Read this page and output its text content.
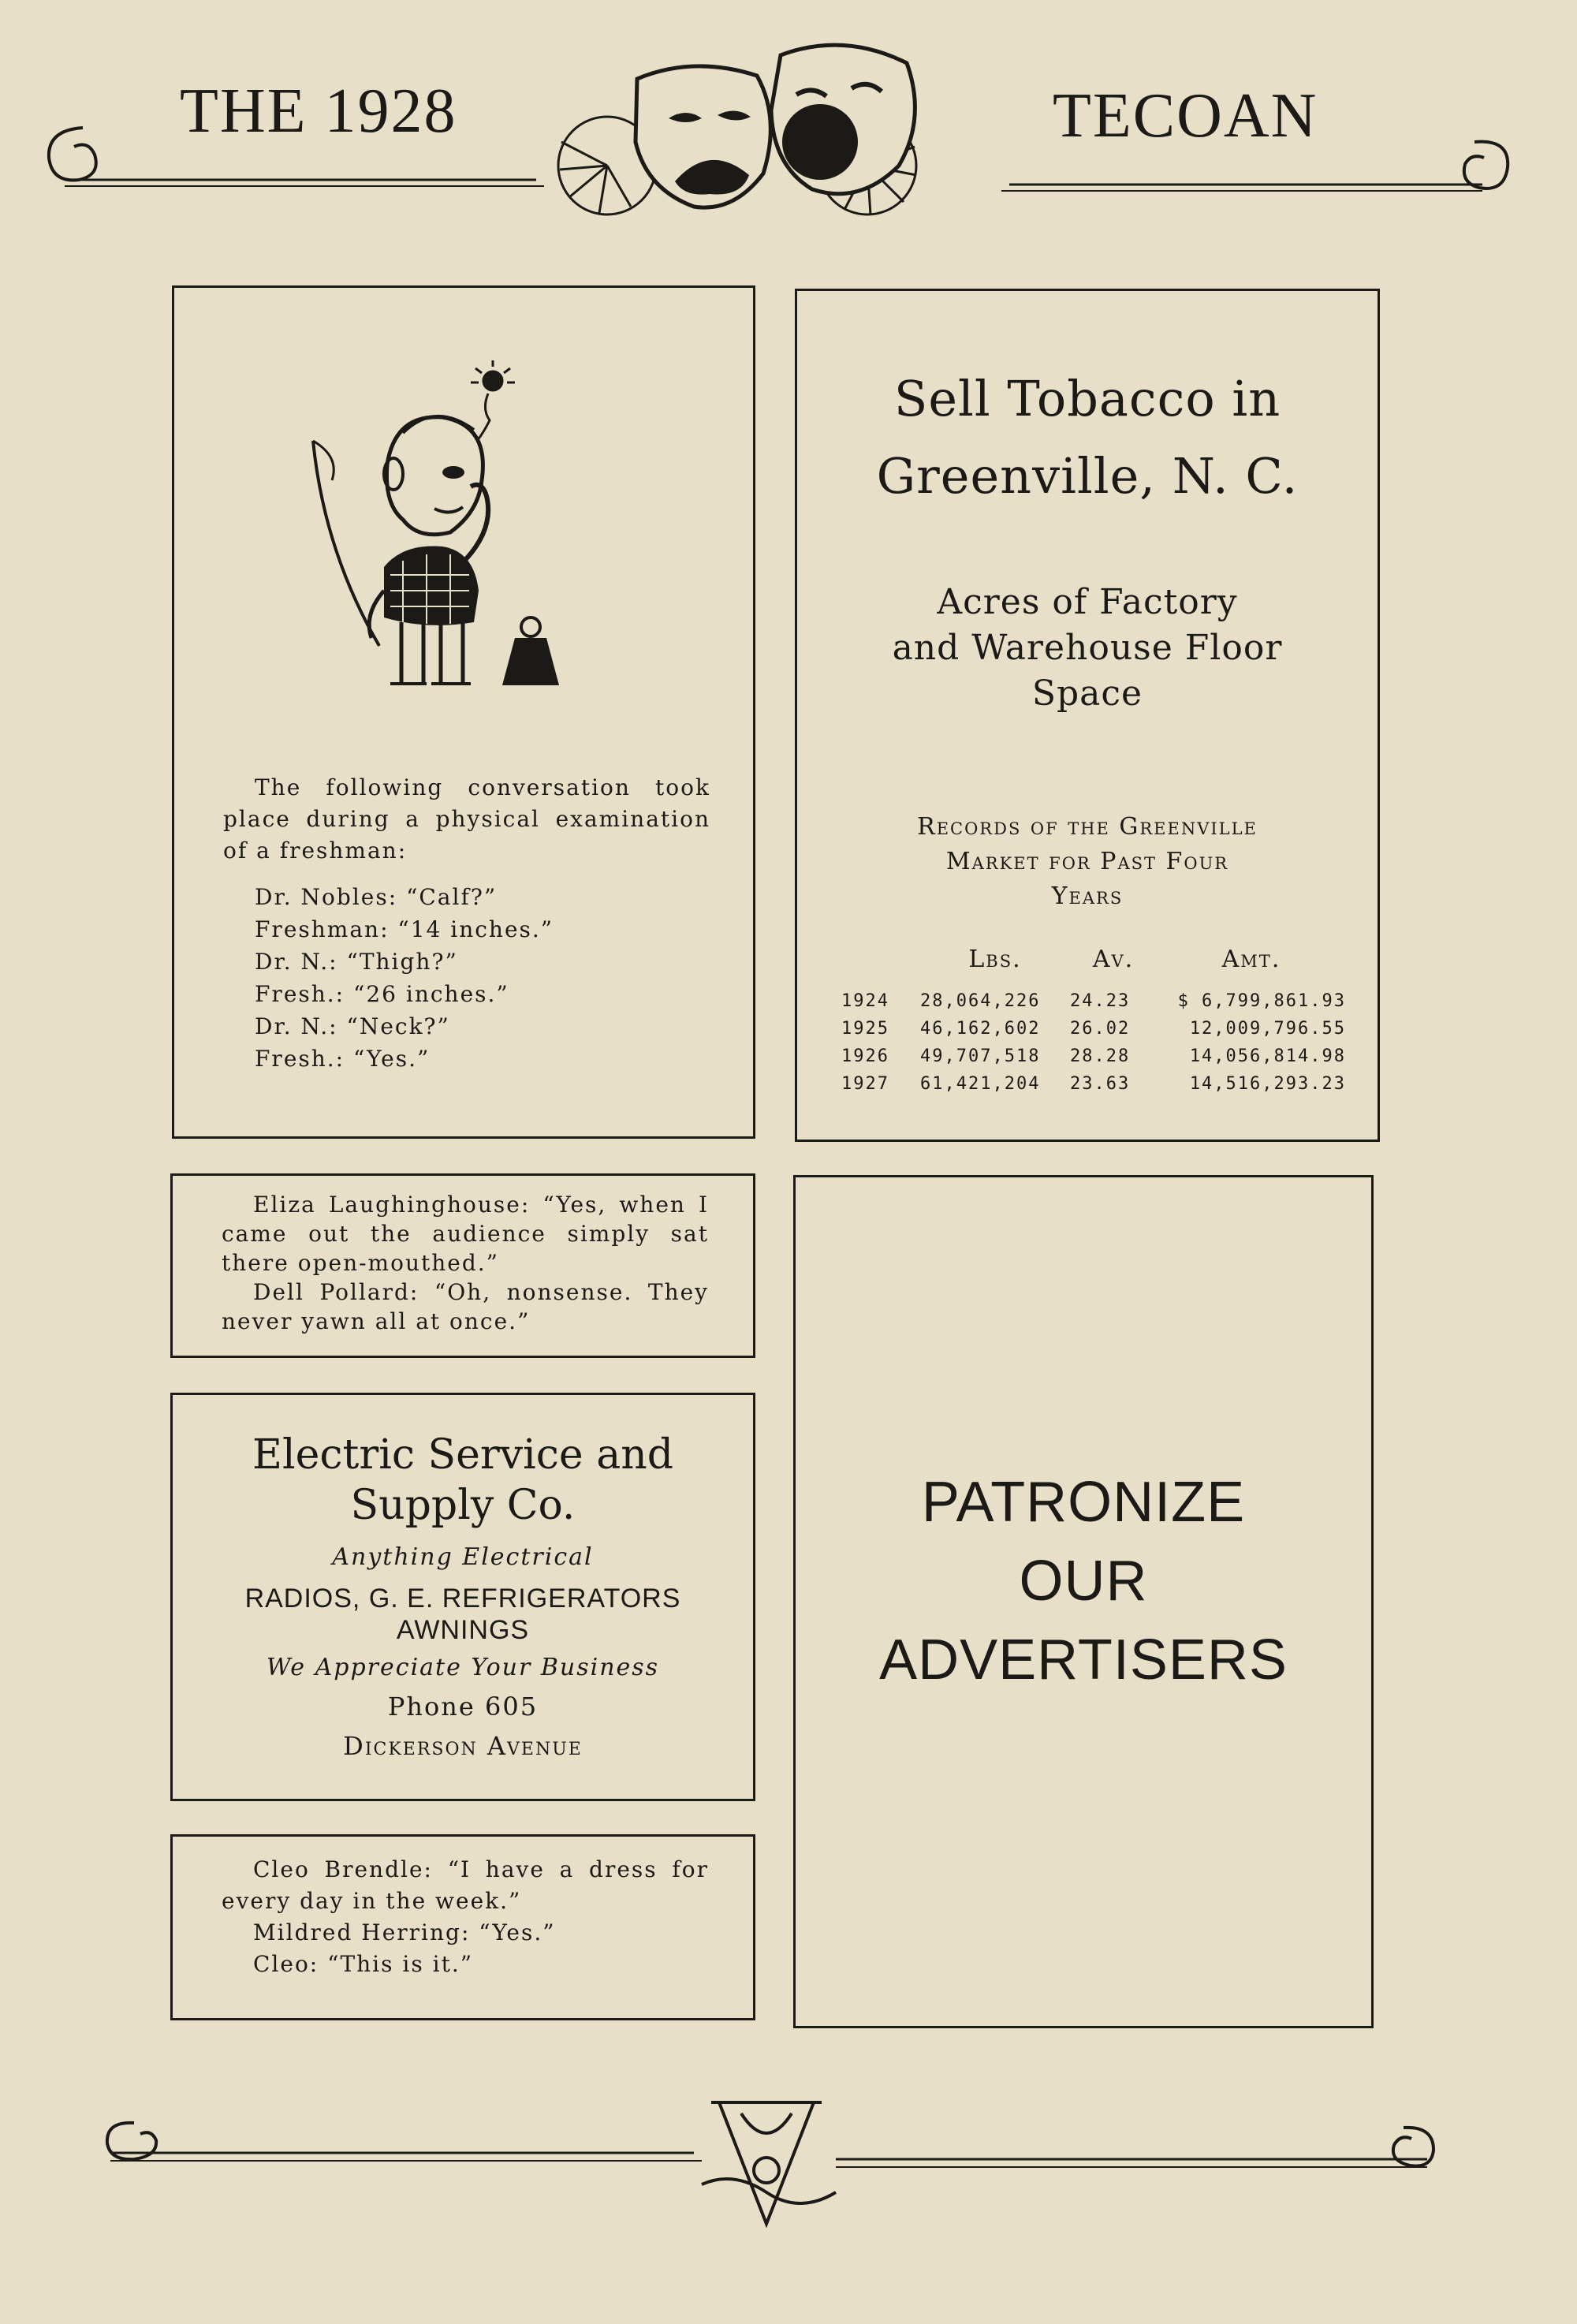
THE 1928	TECOAN

The following conversation took place during a physical examination of a freshman:

Dr. Nobles: “Calf?”
Freshman: “14 inches.”
Dr. N.: “Thigh?”
Fresh.: “26 inches.”
Dr. N.: “Neck?”
Fresh.: “Yes.”
Sell Tobacco in
Greenville, N. C.
Acres of Factory
and Warehouse Floor
Space
Records of the Greenville
Market for Past Four
Years
	Lbs.	Av.	Amt.
1924	28,064,226	24.23	$ 6,799,861.93
1925	46,162,602	26.02	12,009,796.55
1926	49,707,518	28.28	14,056,814.98
1927	61,421,204	23.63	14,516,293.23

Eliza Laughinghouse: “Yes, when I came out the audience simply sat there open-mouthed.”

Dell Pollard: “Oh, nonsense. They never yawn all at once.”

Electric Service and
Supply Co.
Anything Electrical
RADIOS, G. E. REFRIGERATORS
AWNINGS
We Appreciate Your Business
Phone 605
Dickerson Avenue

Cleo Brendle: “I have a dress for every day in the week.”

Mildred Herring: “Yes.”

Cleo: “This is it.”

PATRONIZE
OUR
ADVERTISERS
